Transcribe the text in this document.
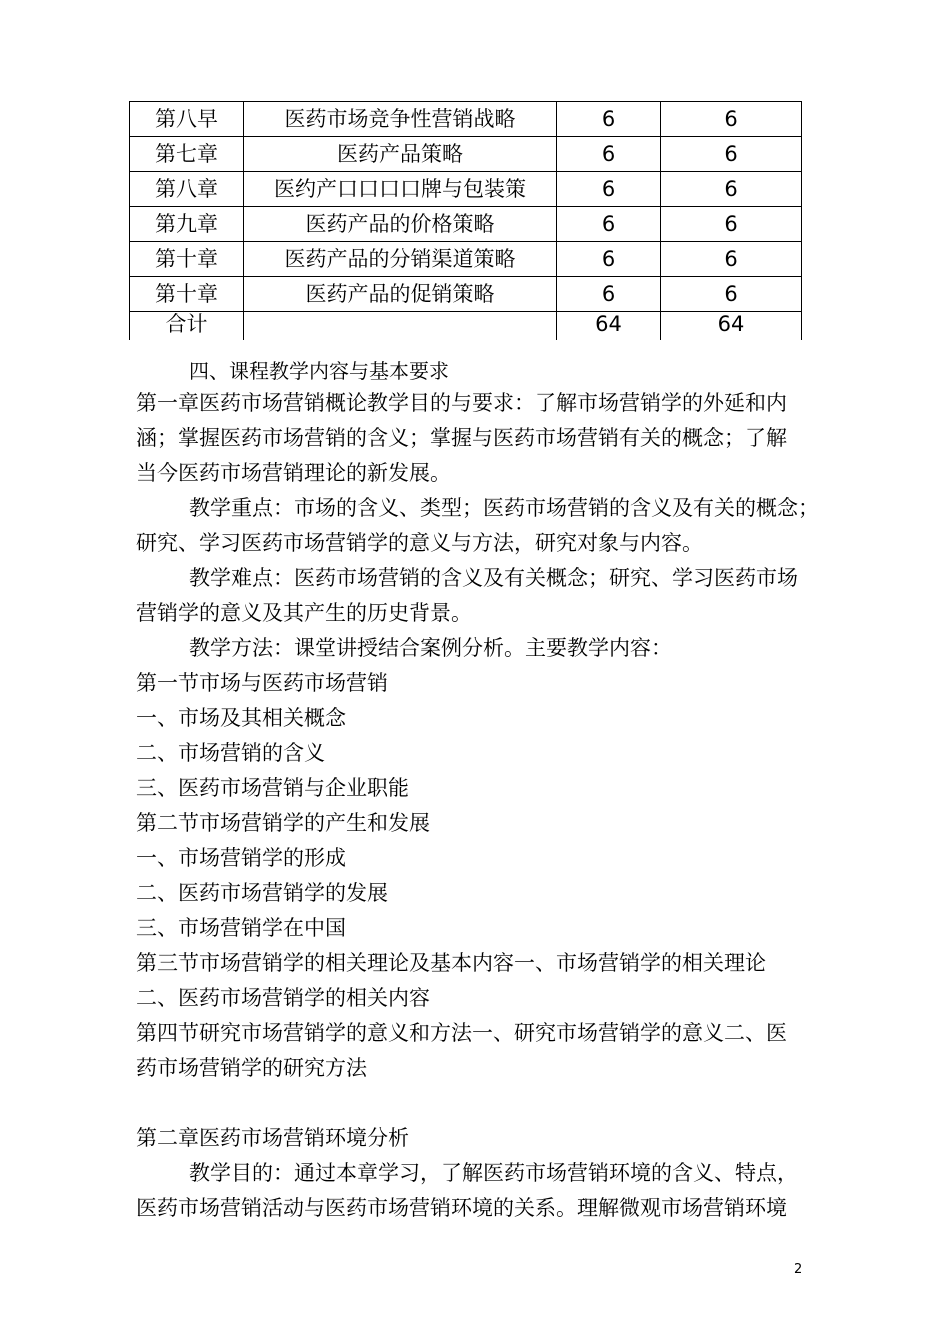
第八早	医药市场竞争性营销战略	6	6
第七章	医药产品策略	6	6
第八章	医约产口口口口牌与包装策	6	6
第九章	医药产品的价格策略	6	6
第十章	医药产品的分销渠道策略	6	6
第十章	医药产品的促销策略	6	6
合计		64	64
四、课程教学内容与基本要求

第一章医药市场营销概论教学目的与要求：了解市场营销学的外延和内

涵；掌握医药市场营销的含义；掌握与医药市场营销有关的概念；了解

当今医药市场营销理论的新发展。

教学重点：市场的含义、类型；医药市场营销的含义及有关的概念；

研究、学习医药市场营销学的意义与方法，研究对象与内容。

教学难点：医药市场营销的含义及有关概念；研究、学习医药市场

营销学的意义及其产生的历史背景。

教学方法：课堂讲授结合案例分析。主要教学内容：

第一节市场与医药市场营销

一、市场及其相关概念

二、市场营销的含义

三、医药市场营销与企业职能

第二节市场营销学的产生和发展

一、市场营销学的形成

二、医药市场营销学的发展

三、市场营销学在中国

第三节市场营销学的相关理论及基本内容一、市场营销学的相关理论

二、医药市场营销学的相关内容

第四节研究市场营销学的意义和方法一、研究市场营销学的意义二、医

药市场营销学的研究方法

第二章医药市场营销环境分析

教学目的：通过本章学习，了解医药市场营销环境的含义、特点，

医药市场营销活动与医药市场营销环境的关系。理解微观市场营销环境

2
